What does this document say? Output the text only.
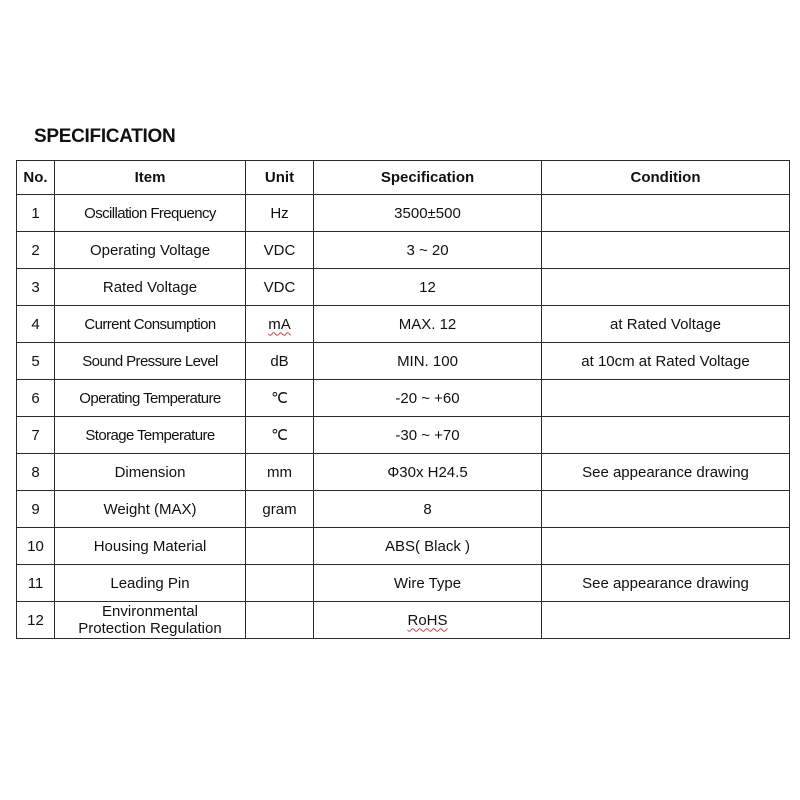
SPECIFICATION
No.	Item	Unit	Specification	Condition
1	Oscillation Frequency	Hz	3500±500	
2	Operating Voltage	VDC	3 ~ 20	
3	Rated Voltage	VDC	12	
4	Current Consumption	mA	MAX. 12	at Rated Voltage
5	Sound Pressure Level	dB	MIN. 100	at 10cm at Rated Voltage
6	Operating Temperature	℃	-20 ~ +60	
7	Storage Temperature	℃	-30 ~ +70	
8	Dimension	mm	Φ30x H24.5	See appearance drawing
9	Weight (MAX)	gram	8	
10	Housing Material		ABS( Black )	
11	Leading Pin		Wire Type	See appearance drawing
12	Environmental
Protection Regulation		RoHS	
